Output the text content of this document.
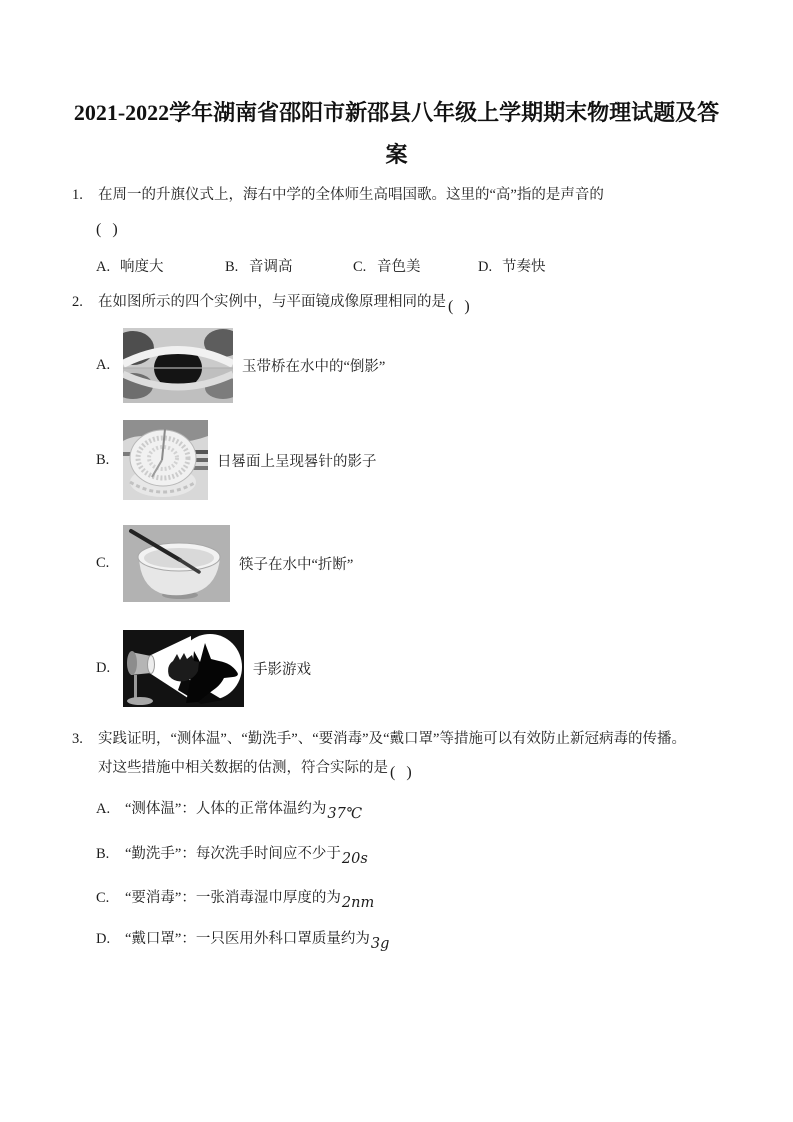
2021-2022学年湖南省邵阳市新邵县八年级上学期期末物理试题及答
案
1. 在周一的升旗仪式上，海右中学的全体师生高唱国歌。这里的“高”指的是声音的
(  )
A. 响度大	B. 音调高	C. 音色美	D. 节奏快
2. 在如图所示的四个实例中，与平面镜成像原理相同的是 (  )
A.	玉带桥在水中的“倒影”
B.	日晷面上呈现晷针的影子
C.	筷子在水中“折断”
D.	手影游戏
3. 实践证明，“测体温”、“勤洗手”、“要消毒”及“戴口罩”等措施可以有效防止新冠病毒的传播。
对这些措施中相关数据的估测，符合实际的是 (  )
A. “测体温”：人体的正常体温约为37℃
B. “勤洗手”：每次洗手时间应不少于20s
C. “要消毒”：一张消毒湿巾厚度的为2nm
D. “戴口罩”：一只医用外科口罩质量约为3g
